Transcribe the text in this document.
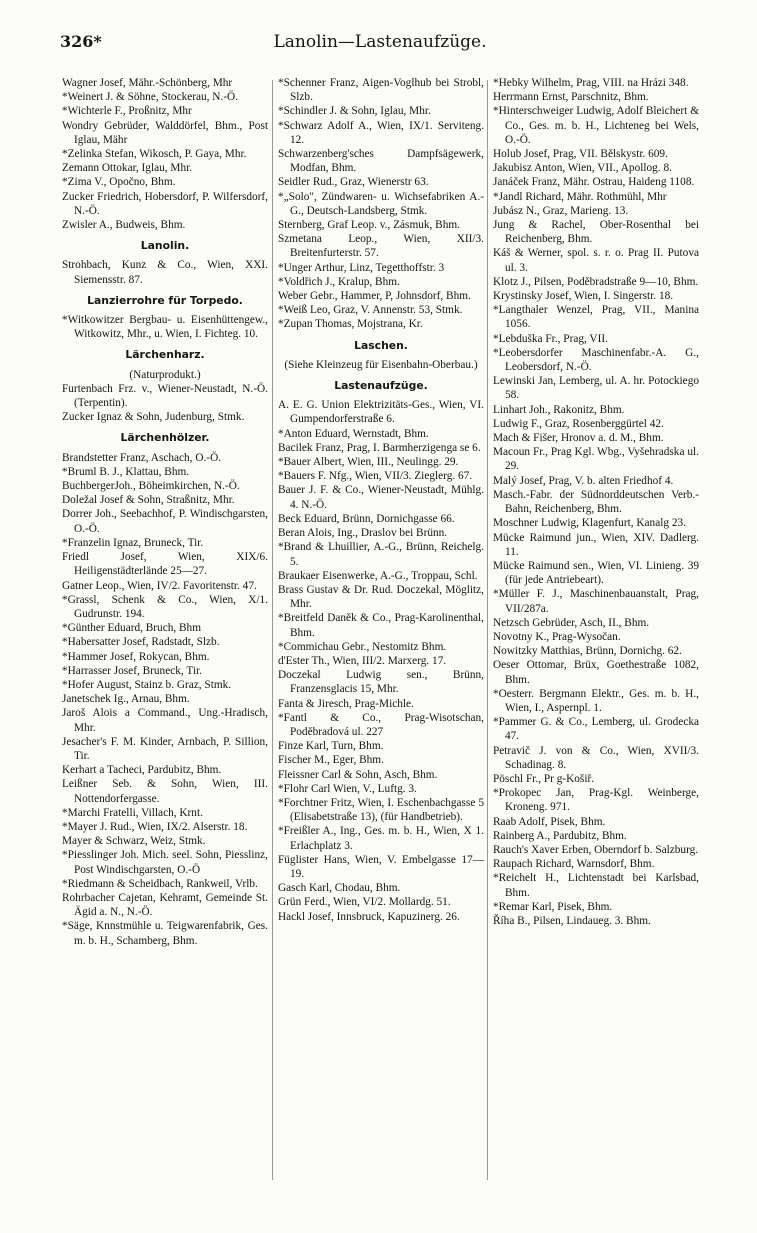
326*	Lanolin—Lastenaufzüge.

Wagner Josef, Mähr.-Schönberg, Mhr

*Weinert J. & Söhne, Stockerau, N.-Ö.

*Wichterle F., Proßnitz, Mhr

Wondry Gebrüder, Walddörfel, Bhm., Post Iglau, Mähr

*Zelinka Stefan, Wikosch, P. Gaya, Mhr.

Zemann Ottokar, Iglau, Mhr.

*Zima V., Opočno, Bhm.

Zucker Friedrich, Hobersdorf, P. Wilfersdorf, N.-Ö.

Zwisler A., Budweis, Bhm.

Lanolin.

Strohbach, Kunz & Co., Wien, XXI. Siemensstr. 87.

Lanzierrohre für Torpedo.

*Witkowitzer Bergbau- u. Eisenhüttengew., Witkowitz, Mhr., u. Wien, I. Fichteg. 10.

Lärchenharz.

(Naturprodukt.)

Furtenbach Frz. v., Wiener-Neustadt, N.-Ö. (Terpentin).

Zucker Ignaz & Sohn, Judenburg, Stmk.

Lärchenhölzer.

Brandstetter Franz, Aschach, O.-Ö.

*Bruml B. J., Klattau, Bhm.

BuchbergerJoh., Böheimkirchen, N.-Ö.

Doležal Josef & Sohn, Straßnitz, Mhr.

Dorrer Joh., Seebachhof, P. Windischgarsten, O.-Ö.

*Franzelin Ignaz, Bruneck, Tir.

Friedl Josef, Wien, XIX/6. Heiligenstädterlände 25—27.

Gatner Leop., Wien, IV/2. Favoritenstr. 47.

*Grassl, Schenk & Co., Wien, X/1. Gudrunstr. 194.

*Günther Eduard, Bruch, Bhm

*Habersatter Josef, Radstadt, Slzb.

*Hammer Josef, Rokycan, Bhm.

*Harrasser Josef, Bruneck, Tir.

*Hofer August, Stainz b. Graz, Stmk.

Janetschek Ig., Arnau, Bhm.

Jaroš Alois a Command., Ung.-Hradisch, Mhr.

Jesacher's F. M. Kinder, Arnbach, P. Sillion, Tir.

Kerhart a Tacheci, Pardubitz, Bhm.

Leißner Seb. & Sohn, Wien, III. Nottendorfergasse.

*Marchi Fratelli, Villach, Krnt.

*Mayer J. Rud., Wien, IX/2. Alserstr. 18.

Mayer & Schwarz, Weiz, Stmk.

*Piesslinger Joh. Mich. seel. Sohn, Piesslinz, Post Windischgarsten, O.-Ö

*Riedmann & Scheidbach, Rankweil, Vrlb.

Rohrbacher Cajetan, Kehramt, Gemeinde St. Ägid a. N., N.-Ö.

*Säge, Knnstmühle u. Teigwarenfabrik, Ges. m. b. H., Schamberg, Bhm.

*Schenner Franz, Aigen-Voglhub bei Strobl, Slzb.

*Schindler J. & Sohn, Iglau, Mhr.

*Schwarz Adolf A., Wien, IX/1. Serviteng. 12.

Schwarzenberg'sches Dampfsägewerk, Modfan, Bhm.

Seidler Rud., Graz, Wienerstr 63.

*„Solo", Zündwaren- u. Wichsefabriken A.-G., Deutsch-Landsberg, Stmk.

Sternberg, Graf Leop. v., Zásmuk, Bhm.

Szmetana Leop., Wien, XII/3. Breitenfurterstr. 57.

*Unger Arthur, Linz, Tegetthoffstr. 3

*Voldřich J., Kralup, Bhm.

Weber Gebr., Hammer, P, Johnsdorf, Bhm.

*Weiß Leo, Graz, V. Annenstr. 53, Stmk.

*Zupan Thomas, Mojstrana, Kr.

Laschen.

(Siehe Kleinzeug für Eisenbahn-Oberbau.)

Lastenaufzüge.

A. E. G. Union Elektrizitäts-Ges., Wien, VI. Gumpendorferstraße 6.

*Anton Eduard, Wernstadt, Bhm.

Bacilek Franz, Prag, I. Barmherzigenga se 6.

*Bauer Albert, Wien, III., Neulingg. 29.

*Bauers F. Nfg., Wien, VII/3. Zieglerg. 67.

Bauer J. F. & Co., Wiener-Neustadt, Mühlg. 4. N.-Ö.

Beck Eduard, Brünn, Dornichgasse 66.

Beran Alois, Ing., Draslov bei Brünn.

*Brand & Lhuillier, A.-G., Brünn, Reichelg. 5.

Braukaer Eisenwerke, A.-G., Troppau, Schl.

Brass Gustav & Dr. Rud. Doczekal, Möglitz, Mhr.

*Breitfeld Daněk & Co., Prag-Karolinenthal, Bhm.

*Commichau Gebr., Nestomitz Bhm.

d'Ester Th., Wien, III/2. Marxerg. 17.

Doczekal Ludwig sen., Brünn, Franzensglacis 15, Mhr.

Fanta & Jiresch, Prag-Michle.

*Fantl & Co., Prag-Wisotschan, Poděbradová ul. 227

Finze Karl, Turn, Bhm.

Fischer M., Eger, Bhm.

Fleissner Carl & Sohn, Asch, Bhm.

*Flohr Carl Wien, V., Luftg. 3.

*Forchtner Fritz, Wien, I. Eschenbachgasse 5 (Elisabetstraße 13), (für Handbetrieb).

*Freißler A., Ing., Ges. m. b. H., Wien, X 1. Erlachplatz 3.

Füglister Hans, Wien, V. Embelgasse 17—19.

Gasch Karl, Chodau, Bhm.

Grün Ferd., Wien, VI/2. Mollardg. 51.

Hackl Josef, Innsbruck, Kapuzinerg. 26.

*Hebky Wilhelm, Prag, VIII. na Hrázi 348.

Herrmann Ernst, Parschnitz, Bhm.

*Hinterschweiger Ludwig, Adolf Bleichert & Co., Ges. m. b. H., Lichteneg bei Wels, O.-Ö.

Holub Josef, Prag, VII. Bělskystr. 609.

Jakubisz Anton, Wien, VII., Apollog. 8.

Janáček Franz, Mähr. Ostrau, Haideng 1108.

*Jandl Richard, Mähr. Rothmühl, Mhr

Jubász N., Graz, Marieng. 13.

Jung & Rachel, Ober-Rosenthal bei Reichenberg, Bhm.

Káš & Werner, spol. s. r. o. Prag II. Putova ul. 3.

Klotz J., Pilsen, Poděbradstraße 9—10, Bhm.

Krystinsky Josef, Wien, I. Singerstr. 18.

*Langthaler Wenzel, Prag, VII., Manina 1056.

*Lebduška Fr., Prag, VII.

*Leobersdorfer Maschinenfabr.-A. G., Leobersdorf, N.-Ö.

Lewinski Jan, Lemberg, ul. A. hr. Potockiego 58.

Linhart Joh., Rakonitz, Bhm.

Ludwig F., Graz, Rosenberggürtel 42.

Mach & Fišer, Hronov a. d. M., Bhm.

Macoun Fr., Prag Kgl. Wbg., Vyšehradska ul. 29.

Malý Josef, Prag, V. b. alten Friedhof 4.

Masch.-Fabr. der Südnorddeutschen Verb.-Bahn, Reichenberg, Bhm.

Moschner Ludwig, Klagenfurt, Kanalg 23.

Mücke Raimund jun., Wien, XIV. Dadlerg. 11.

Mücke Raimund sen., Wien, VI. Linieng. 39 (für jede Antriebeart).

*Müller F. J., Maschinenbauanstalt, Prag, VII/287a.

Netzsch Gebrüder, Asch, II., Bhm.

Novotny K., Prag-Wysočan.

Nowitzky Matthias, Brünn, Dornichg. 62.

Oeser Ottomar, Brüx, Goethestraße 1082, Bhm.

*Oesterr. Bergmann Elektr., Ges. m. b. H., Wien, I., Aspernpl. 1.

*Pammer G. & Co., Lemberg, ul. Grodecka 47.

Petravič J. von & Co., Wien, XVII/3. Schadinag. 8.

Pöschl Fr., Pr g-Košiř.

*Prokopec Jan, Prag-Kgl. Weinberge, Kroneng. 971.

Raab Adolf, Pisek, Bhm.

Rainberg A., Pardubitz, Bhm.

Rauch's Xaver Erben, Oberndorf b. Salzburg.

Raupach Richard, Warnsdorf, Bhm.

*Reichelt H., Lichtenstadt bei Karlsbad, Bhm.

*Remar Karl, Pisek, Bhm.

Říha B., Pilsen, Lindaueg. 3. Bhm.
